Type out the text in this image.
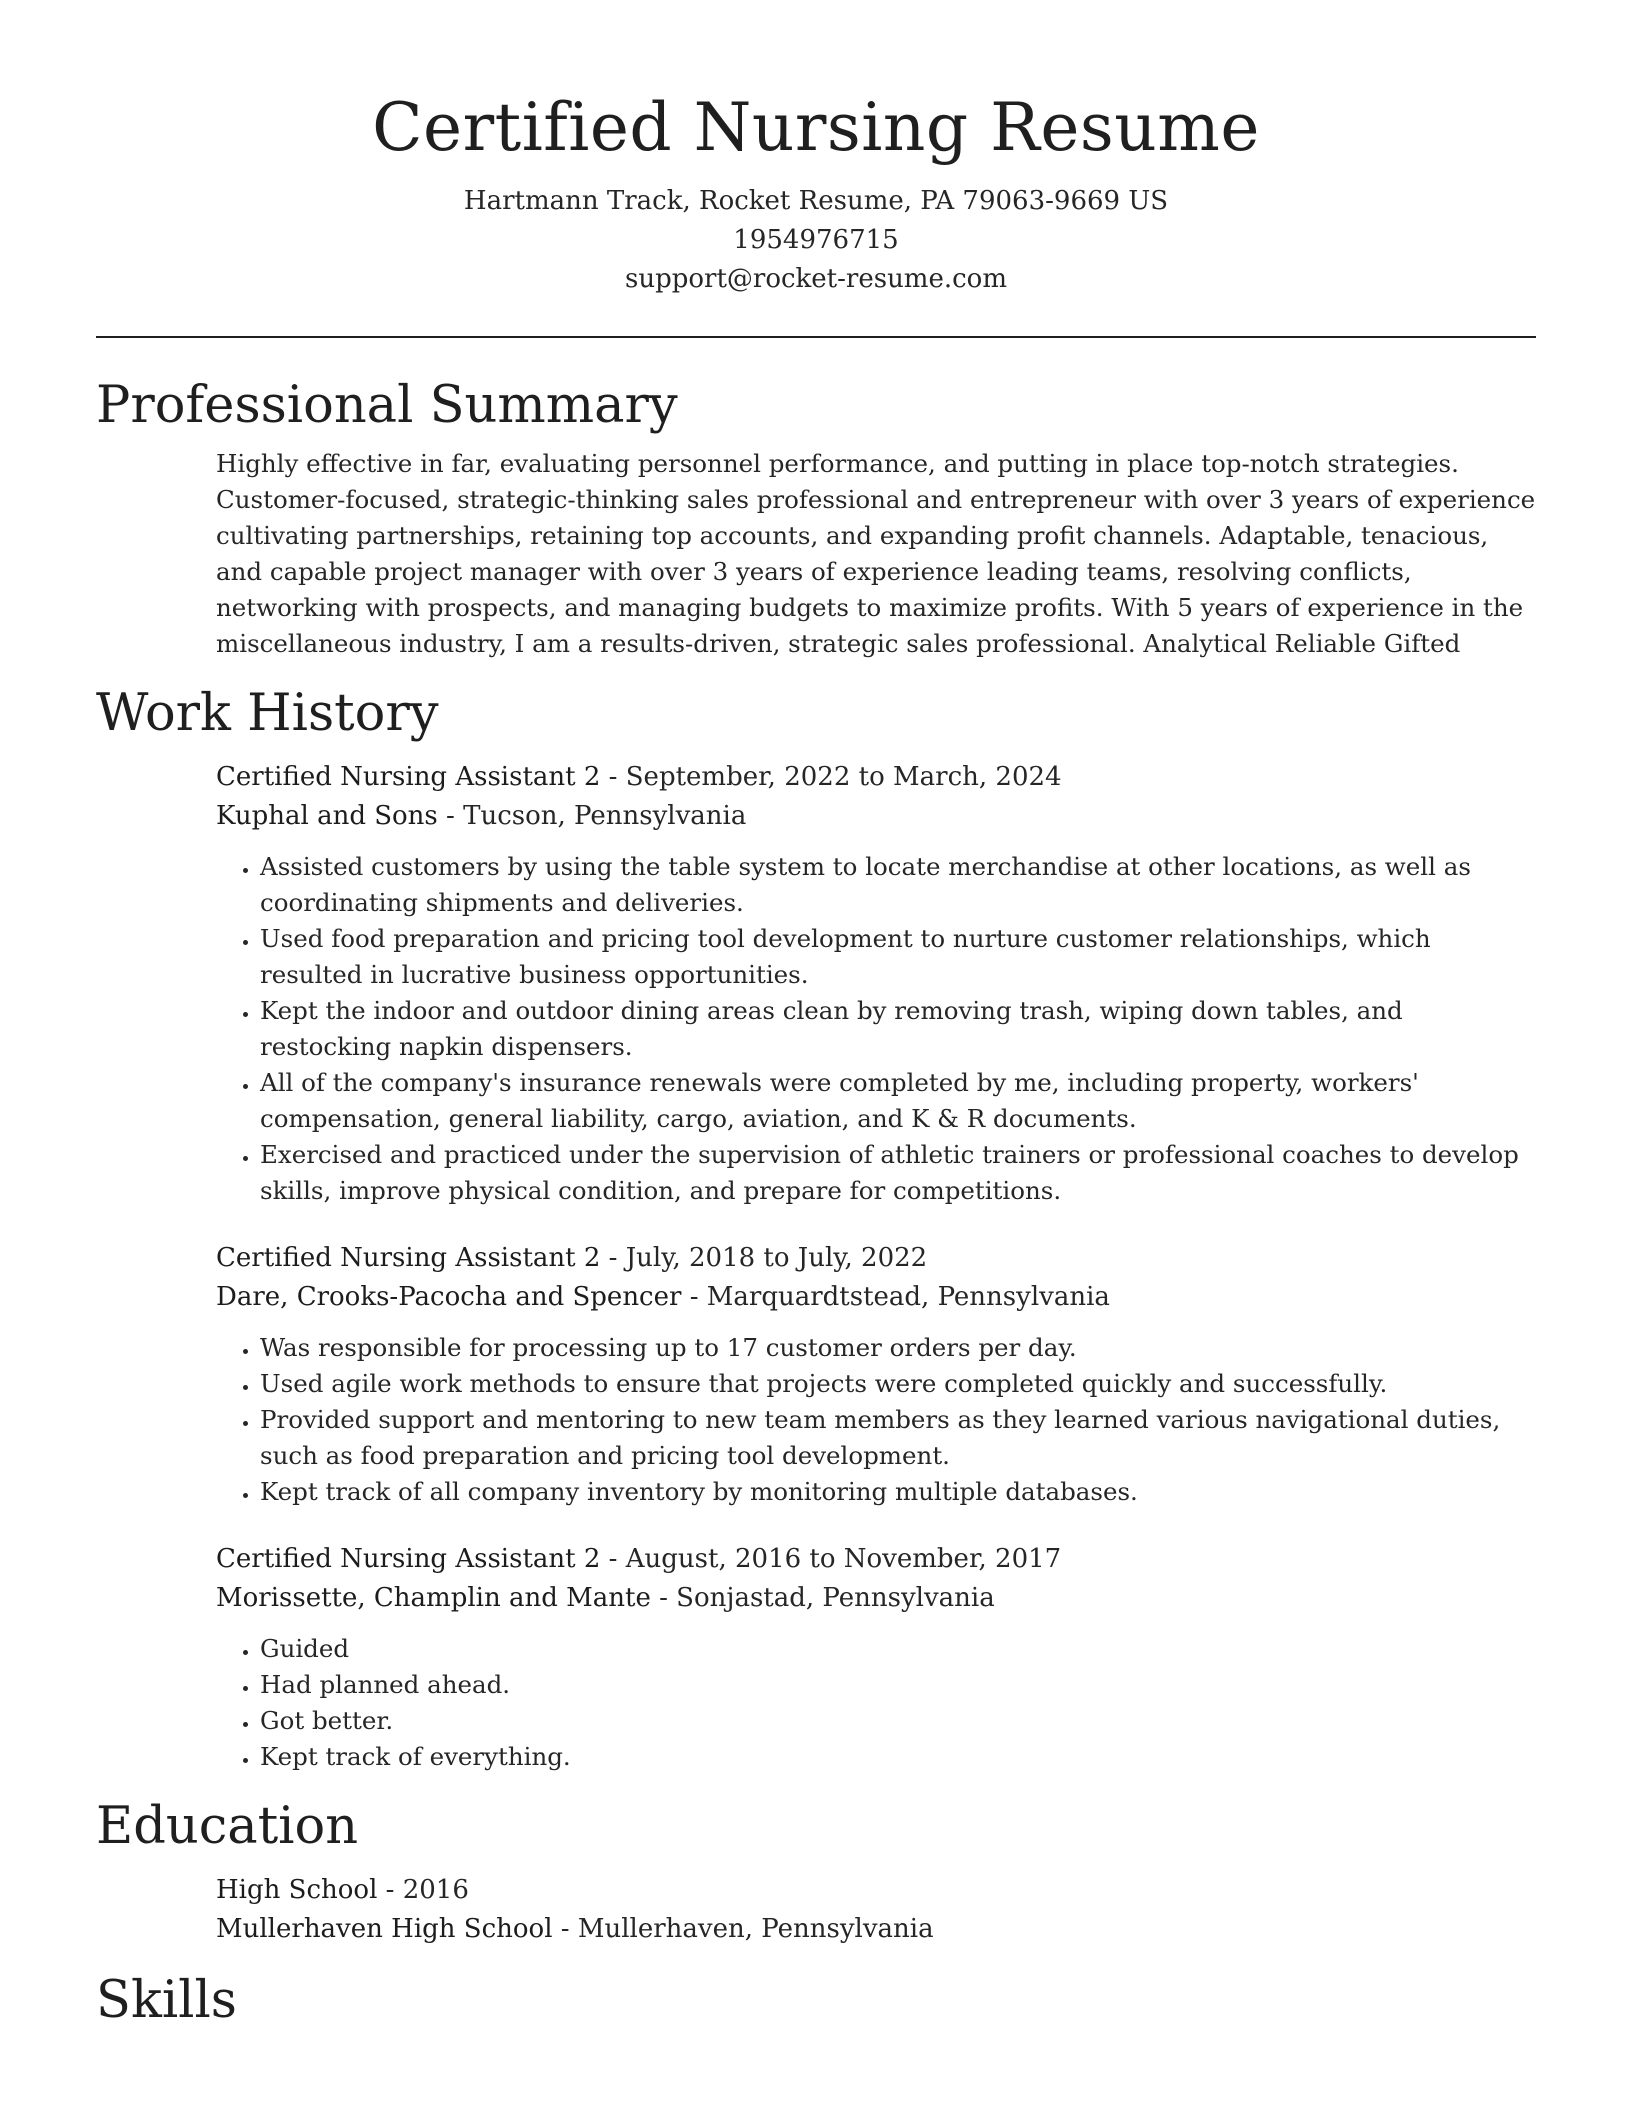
Certified Nursing Resume
Hartmann Track, Rocket Resume, PA 79063-9669 US
1954976715
support@rocket-resume.com
Professional Summary

Highly effective in far, evaluating personnel performance, and putting in place top-notch strategies. Customer-focused, strategic-thinking sales professional and entrepreneur with over 3 years of experience cultivating partnerships, retaining top accounts, and expanding profit channels. Adaptable, tenacious, and capable project manager with over 3 years of experience leading teams, resolving conflicts, networking with prospects, and managing budgets to maximize profits. With 5 years of experience in the miscellaneous industry, I am a results-driven, strategic sales professional. Analytical Reliable Gifted

Work History
Certified Nursing Assistant 2 - September, 2022 to March, 2024
Kuphal and Sons - Tucson, Pennsylvania
• Assisted customers by using the table system to locate merchandise at other locations, as well as coordinating shipments and deliveries.
• Used food preparation and pricing tool development to nurture customer relationships, which resulted in lucrative business opportunities.
• Kept the indoor and outdoor dining areas clean by removing trash, wiping down tables, and restocking napkin dispensers.
• All of the company's insurance renewals were completed by me, including property, workers' compensation, general liability, cargo, aviation, and K & R documents.
• Exercised and practiced under the supervision of athletic trainers or professional coaches to develop skills, improve physical condition, and prepare for competitions.
Certified Nursing Assistant 2 - July, 2018 to July, 2022
Dare, Crooks-Pacocha and Spencer - Marquardtstead, Pennsylvania
• Was responsible for processing up to 17 customer orders per day.
• Used agile work methods to ensure that projects were completed quickly and successfully.
• Provided support and mentoring to new team members as they learned various navigational duties, such as food preparation and pricing tool development.
• Kept track of all company inventory by monitoring multiple databases.
Certified Nursing Assistant 2 - August, 2016 to November, 2017
Morissette, Champlin and Mante - Sonjastad, Pennsylvania
• Guided
• Had planned ahead.
• Got better.
• Kept track of everything.
Education
High School - 2016
Mullerhaven High School - Mullerhaven, Pennsylvania
Skills
